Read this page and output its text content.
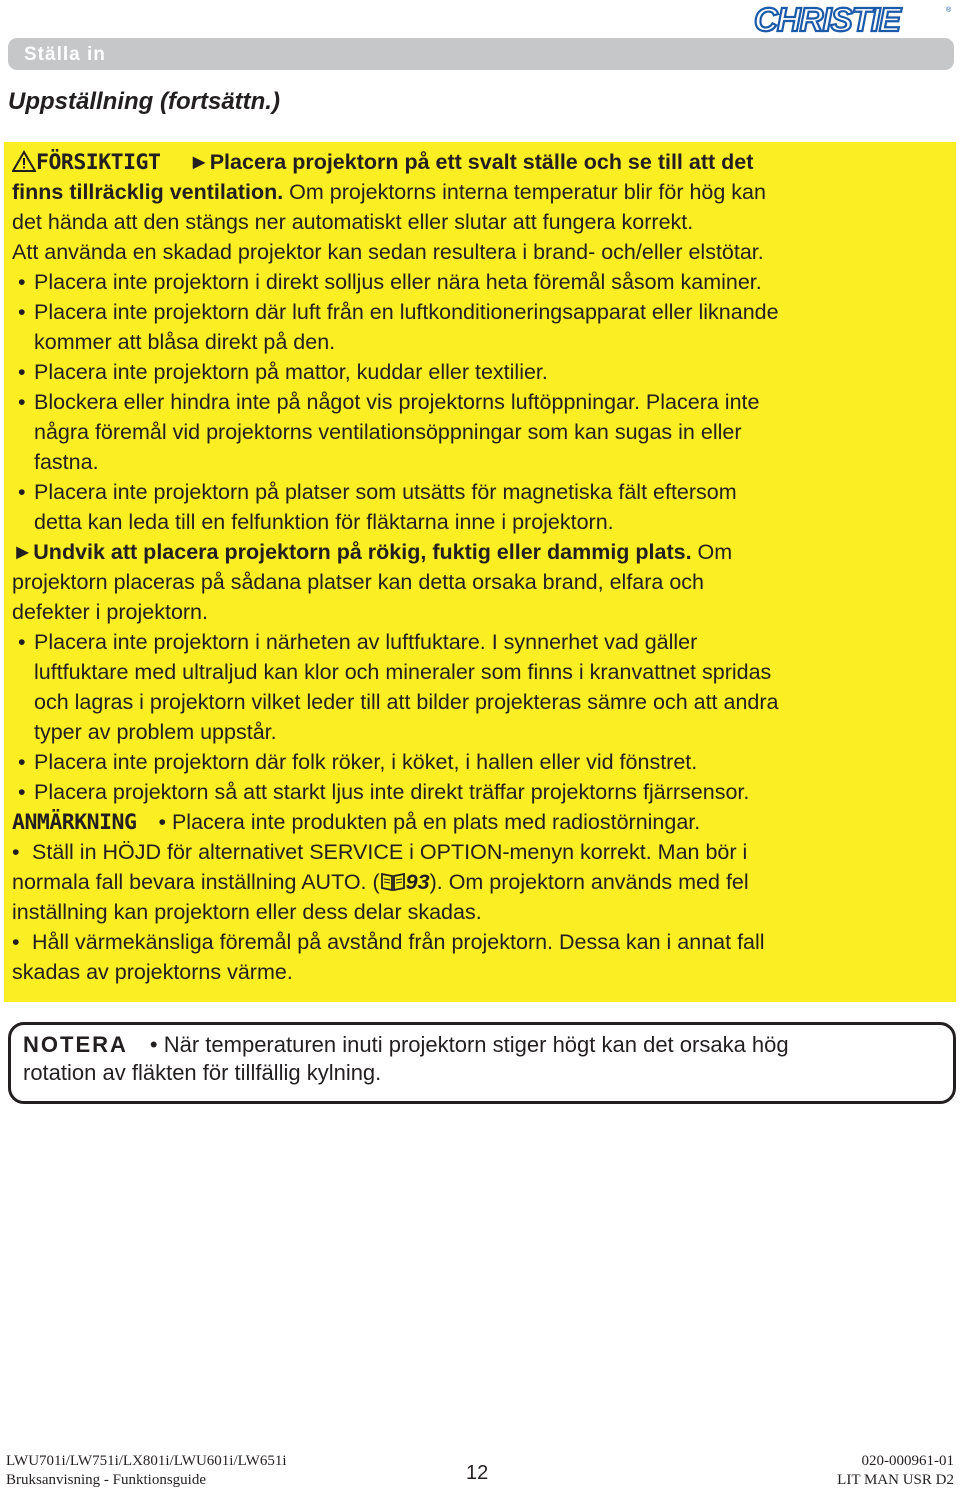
CHRISTIE	®
Ställa in
Uppställning (fortsättn.)
FÖRSIKTIGT ►Placera projektorn på ett svalt ställe och se till att det
finns tillräcklig ventilation. Om projektorns interna temperatur blir för hög kan
det hända att den stängs ner automatiskt eller slutar att fungera korrekt.
Att använda en skadad projektor kan sedan resultera i brand- och/eller elstötar.
• Placera inte projektorn i direkt solljus eller nära heta föremål såsom kaminer.
• Placera inte projektorn där luft från en luftkonditioneringsapparat eller liknande
kommer att blåsa direkt på den.
• Placera inte projektorn på mattor, kuddar eller textilier.
• Blockera eller hindra inte på något vis projektorns luftöppningar. Placera inte
några föremål vid projektorns ventilationsöppningar som kan sugas in eller
fastna.
• Placera inte projektorn på platser som utsätts för magnetiska fält eftersom
detta kan leda till en felfunktion för fläktarna inne i projektorn.
►Undvik att placera projektorn på rökig, fuktig eller dammig plats. Om
projektorn placeras på sådana platser kan detta orsaka brand, elfara och
defekter i projektorn.
• Placera inte projektorn i närheten av luftfuktare. I synnerhet vad gäller
luftfuktare med ultraljud kan klor och mineraler som finns i kranvattnet spridas
och lagras i projektorn vilket leder till att bilder projekteras sämre och att andra
typer av problem uppstår.
• Placera inte projektorn där folk röker, i köket, i hallen eller vid fönstret.
• Placera projektorn så att starkt ljus inte direkt träffar projektorns fjärrsensor.
ANMÄRKNING • Placera inte produkten på en plats med radiostörningar.
• Ställ in HÖJD för alternativet SERVICE i OPTION-menyn korrekt. Man bör i
normala fall bevara inställning AUTO. ( 93). Om projektorn används med fel
inställning kan projektorn eller dess delar skadas.
• Håll värmekänsliga föremål på avstånd från projektorn. Dessa kan i annat fall
skadas av projektorns värme.
NOTERA • När temperaturen inuti projektorn stiger högt kan det orsaka hög
rotation av fläkten för tillfällig kylning.
LWU701i/LW751i/LX801i/LWU601i/LW651i
Bruksanvisning - Funktionsguide	12
020-000961-01
LIT MAN USR D2
